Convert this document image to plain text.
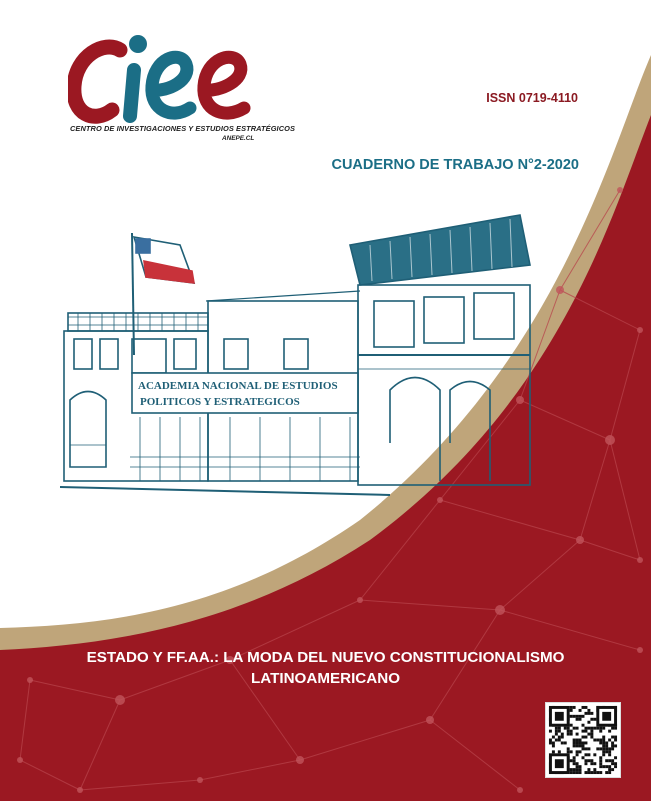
CENTRO DE INVESTIGACIONES Y ESTUDIOS ESTRATÉGICOS
ANEPE.CL
ISSN 0719-4110
CUADERNO DE TRABAJO N°2-2020
ACADEMIA NACIONAL DE ESTUDIOS
POLITICOS Y ESTRATEGICOS
ESTADO Y FF.AA.: LA MODA DEL NUEVO CONSTITUCIONALISMO
LATINOAMERICANO
